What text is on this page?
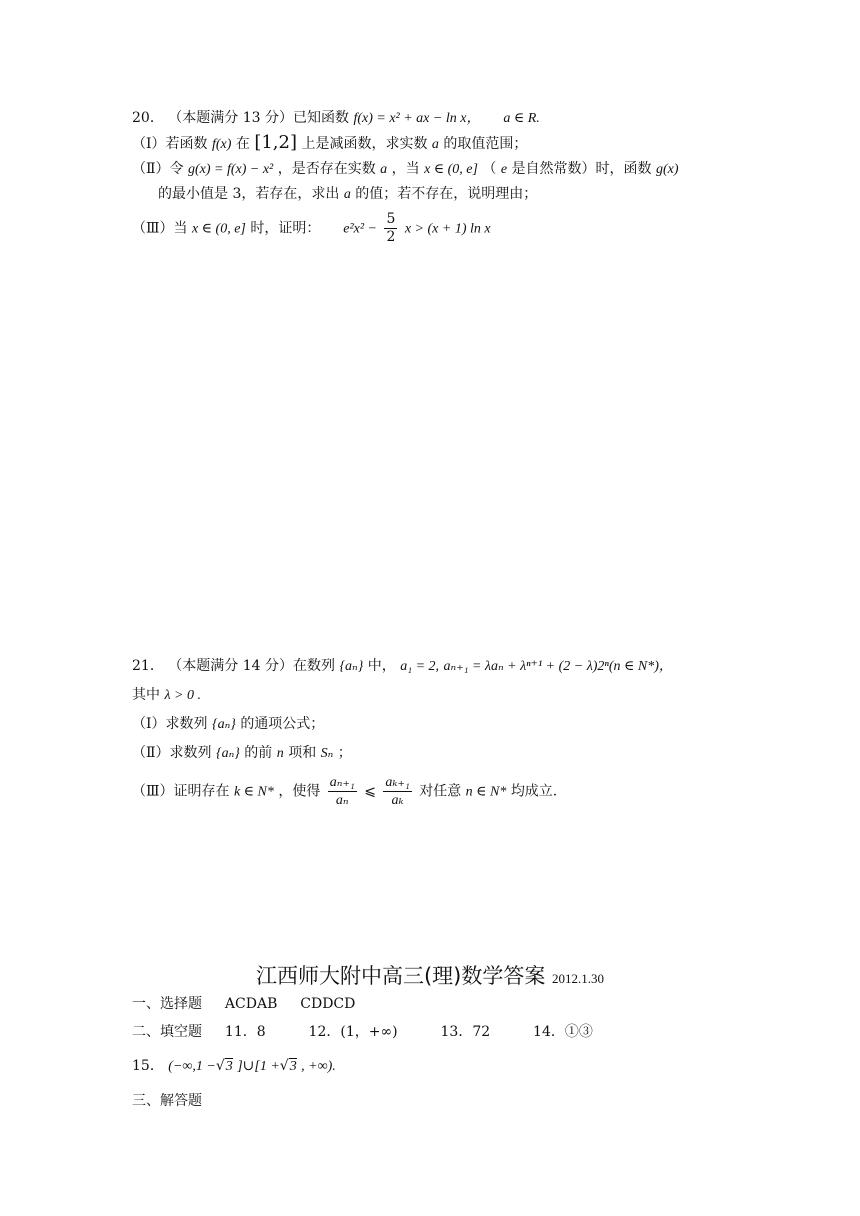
20． （本题满分 13 分）已知函数 f(x) = x² + ax − ln x， a ∈ R.

（Ⅰ）若函数 f(x) 在 [1,2] 上是减函数，求实数 a 的取值范围；

（Ⅱ）令 g(x) = f(x) − x² ，是否存在实数 a ，当 x ∈ (0, e] （ e 是自然常数）时，函数 g(x)

的最小值是 3，若存在，求出 a 的值；若不存在，说明理由；

（Ⅲ）当 x ∈ (0, e] 时，证明： $e^2x^2 - \frac{5}{2}$ x > (x + 1) ln x

21． （本题满分 14 分）在数列 {aₙ} 中， a₁ = 2, aₙ₊₁ = λaₙ + λⁿ⁺¹ + (2 − λ)2ⁿ(n ∈ N*)，

其中 λ > 0 .

（Ⅰ）求数列 {aₙ} 的通项公式；

（Ⅱ）求数列 {aₙ} 的前 n 项和 Sₙ ；

（Ⅲ）证明存在 k ∈ N* ，使得 $\frac{\text{aₙ₊₁}}{\text{aₙ}}$ ⩽ $\frac{\text{aₖ₊₁}}{\text{aₖ}}$ 对任意 n ∈ N* 均成立.

江西师大附中高三(理)数学答案 2012.1.30

一、选择题 ACDAB CDDCD

二、填空题 11．8	12．(1，+∞)	13．72	14．①③

15． (−∞,1 −√3 ]∪[1 +√3 , +∞).

三、解答题
